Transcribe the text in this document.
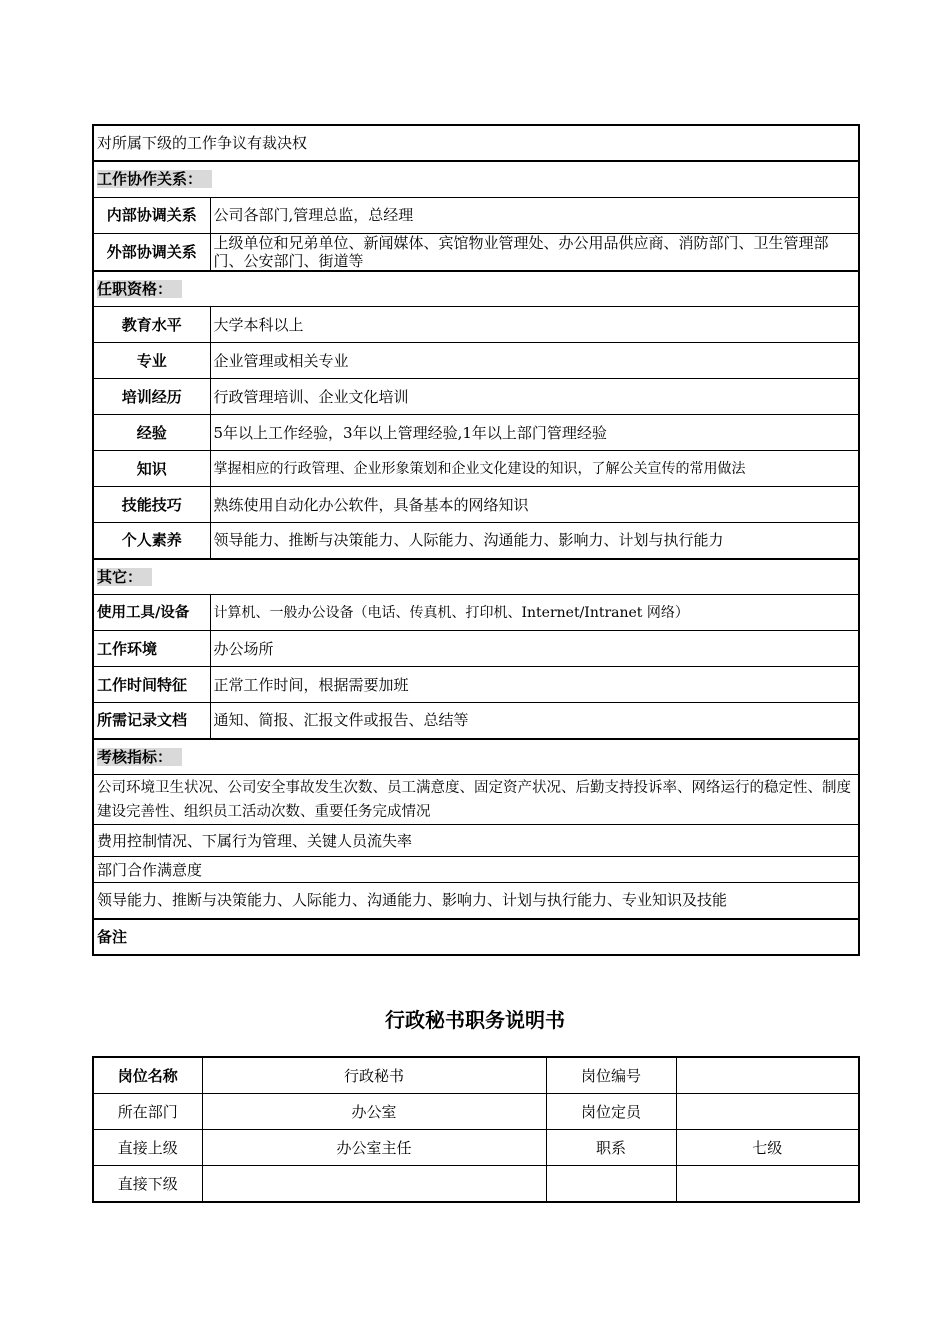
对所属下级的工作争议有裁决权	
工作协作关系：	
内部协调关系	公司各部门,管理总监，总经理
外部协调关系	上级单位和兄弟单位、新闻媒体、宾馆物业管理处、办公用品供应商、消防部门、卫生管理部门、公安部门、街道等
任职资格：	
教育水平	大学本科以上
专业	企业管理或相关专业
培训经历	行政管理培训、企业文化培训
经验	5年以上工作经验，3年以上管理经验,1年以上部门管理经验
知识	掌握相应的行政管理、企业形象策划和企业文化建设的知识，了解公关宣传的常用做法
技能技巧	熟练使用自动化办公软件，具备基本的网络知识
个人素养	领导能力、推断与决策能力、人际能力、沟通能力、影响力、计划与执行能力
其它：	
使用工具/设备	计算机、一般办公设备（电话、传真机、打印机、Internet/Intranet 网络）
工作环境	办公场所
工作时间特征	正常工作时间，根据需要加班
所需记录文档	通知、简报、汇报文件或报告、总结等
考核指标：	
公司环境卫生状况、公司安全事故发生次数、员工满意度、固定资产状况、后勤支持投诉率、网络运行的稳定性、制度建设完善性、组织员工活动次数、重要任务完成情况	
费用控制情况、下属行为管理、关键人员流失率	
部门合作满意度	
领导能力、推断与决策能力、人际能力、沟通能力、影响力、计划与执行能力、专业知识及技能	
备注	
行政秘书职务说明书
岗位名称	行政秘书	岗位编号	
所在部门	办公室	岗位定员	
直接上级	办公室主任	职系	七级
直接下级			
